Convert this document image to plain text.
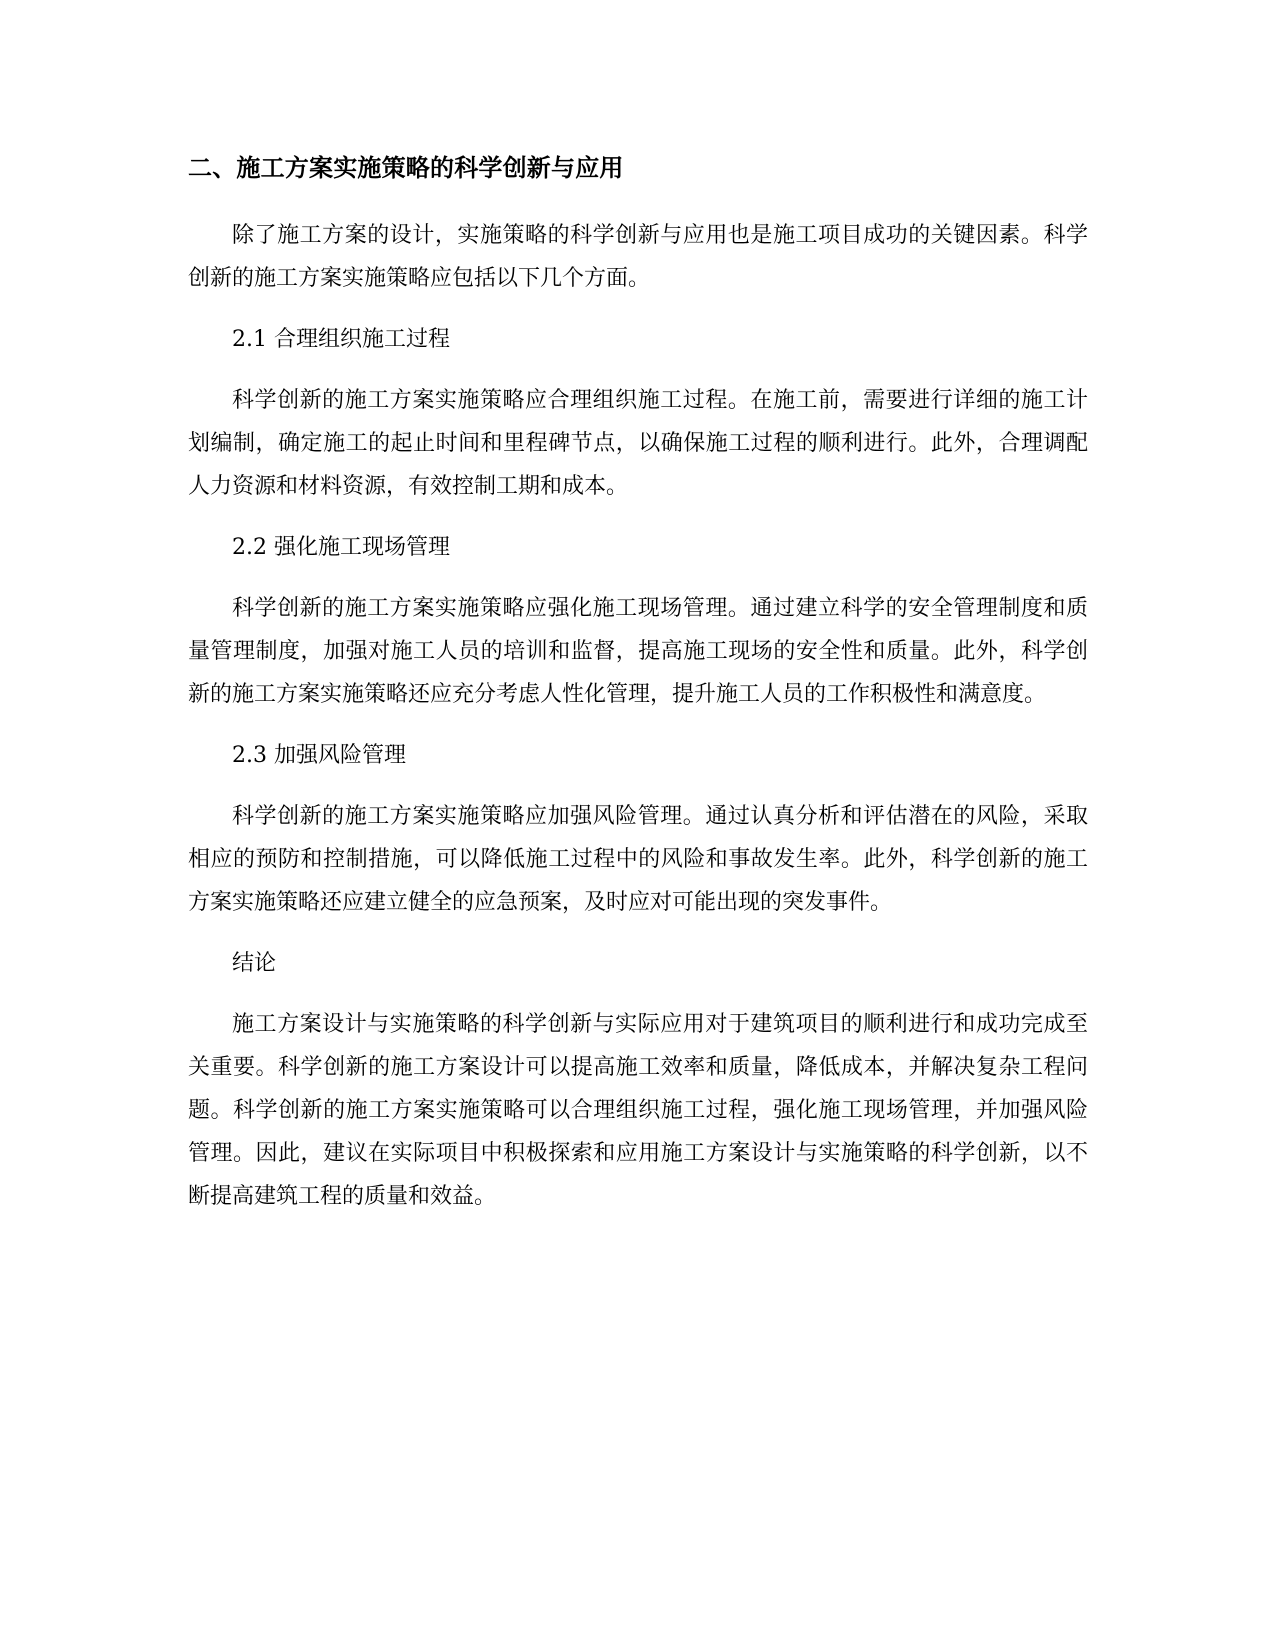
二、施工方案实施策略的科学创新与应用

除了施工方案的设计，实施策略的科学创新与应用也是施工项目成功的关键因素。科学创新的施工方案实施策略应包括以下几个方面。

2.1 合理组织施工过程

科学创新的施工方案实施策略应合理组织施工过程。在施工前，需要进行详细的施工计划编制，确定施工的起止时间和里程碑节点，以确保施工过程的顺利进行。此外，合理调配人力资源和材料资源，有效控制工期和成本。

2.2 强化施工现场管理

科学创新的施工方案实施策略应强化施工现场管理。通过建立科学的安全管理制度和质量管理制度，加强对施工人员的培训和监督，提高施工现场的安全性和质量。此外，科学创新的施工方案实施策略还应充分考虑人性化管理，提升施工人员的工作积极性和满意度。

2.3 加强风险管理

科学创新的施工方案实施策略应加强风险管理。通过认真分析和评估潜在的风险，采取相应的预防和控制措施，可以降低施工过程中的风险和事故发生率。此外，科学创新的施工方案实施策略还应建立健全的应急预案，及时应对可能出现的突发事件。

结论

施工方案设计与实施策略的科学创新与实际应用对于建筑项目的顺利进行和成功完成至关重要。科学创新的施工方案设计可以提高施工效率和质量，降低成本，并解决复杂工程问题。科学创新的施工方案实施策略可以合理组织施工过程，强化施工现场管理，并加强风险管理。因此，建议在实际项目中积极探索和应用施工方案设计与实施策略的科学创新，以不断提高建筑工程的质量和效益。
